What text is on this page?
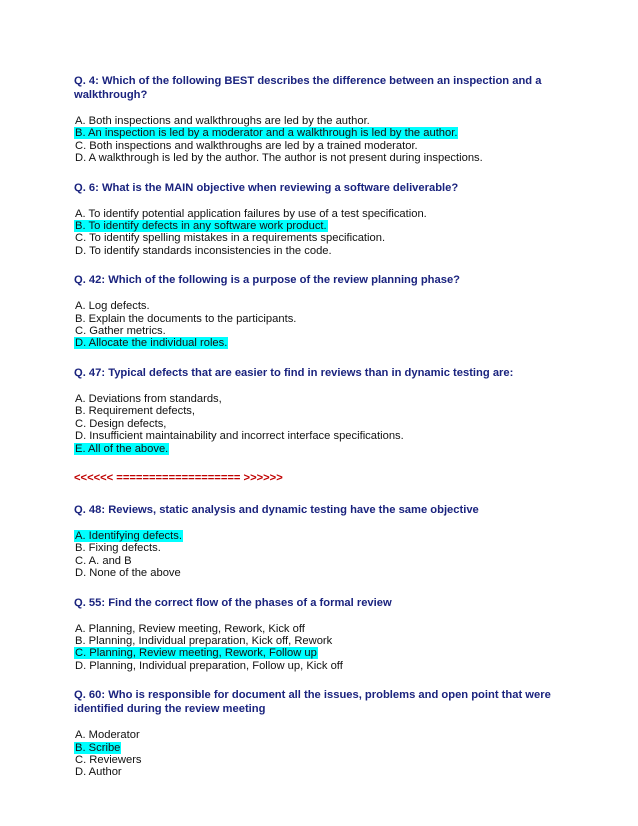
Q. 4: Which of the following BEST describes the difference between an inspection and a walkthrough?
A. Both inspections and walkthroughs are led by the author.
B. An inspection is led by a moderator and a walkthrough is led by the author.
C. Both inspections and walkthroughs are led by a trained moderator.
D. A walkthrough is led by the author. The author is not present during inspections.
Q. 6: What is the MAIN objective when reviewing a software deliverable?
A. To identify potential application failures by use of a test specification.
B. To identify defects in any software work product.
C. To identify spelling mistakes in a requirements specification.
D. To identify standards inconsistencies in the code.
Q. 42: Which of the following is a purpose of the review planning phase?
A. Log defects.
B. Explain the documents to the participants.
C. Gather metrics.
D. Allocate the individual roles.
Q. 47: Typical defects that are easier to find in reviews than in dynamic testing are:
A. Deviations from standards,
B. Requirement defects,
C. Design defects,
D. Insufficient maintainability and incorrect interface specifications.
E. All of the above.
<<<<<< =================== >>>>>>
Q. 48: Reviews, static analysis and dynamic testing have the same objective
A. Identifying defects.
B. Fixing defects.
C. A. and B
D. None of the above
Q. 55: Find the correct flow of the phases of a formal review
A. Planning, Review meeting, Rework, Kick off
B. Planning, Individual preparation, Kick off, Rework
C. Planning, Review meeting, Rework, Follow up
D. Planning, Individual preparation, Follow up, Kick off
Q. 60: Who is responsible for document all the issues, problems and open point that were identified during the review meeting
A. Moderator
B. Scribe
C. Reviewers
D. Author
